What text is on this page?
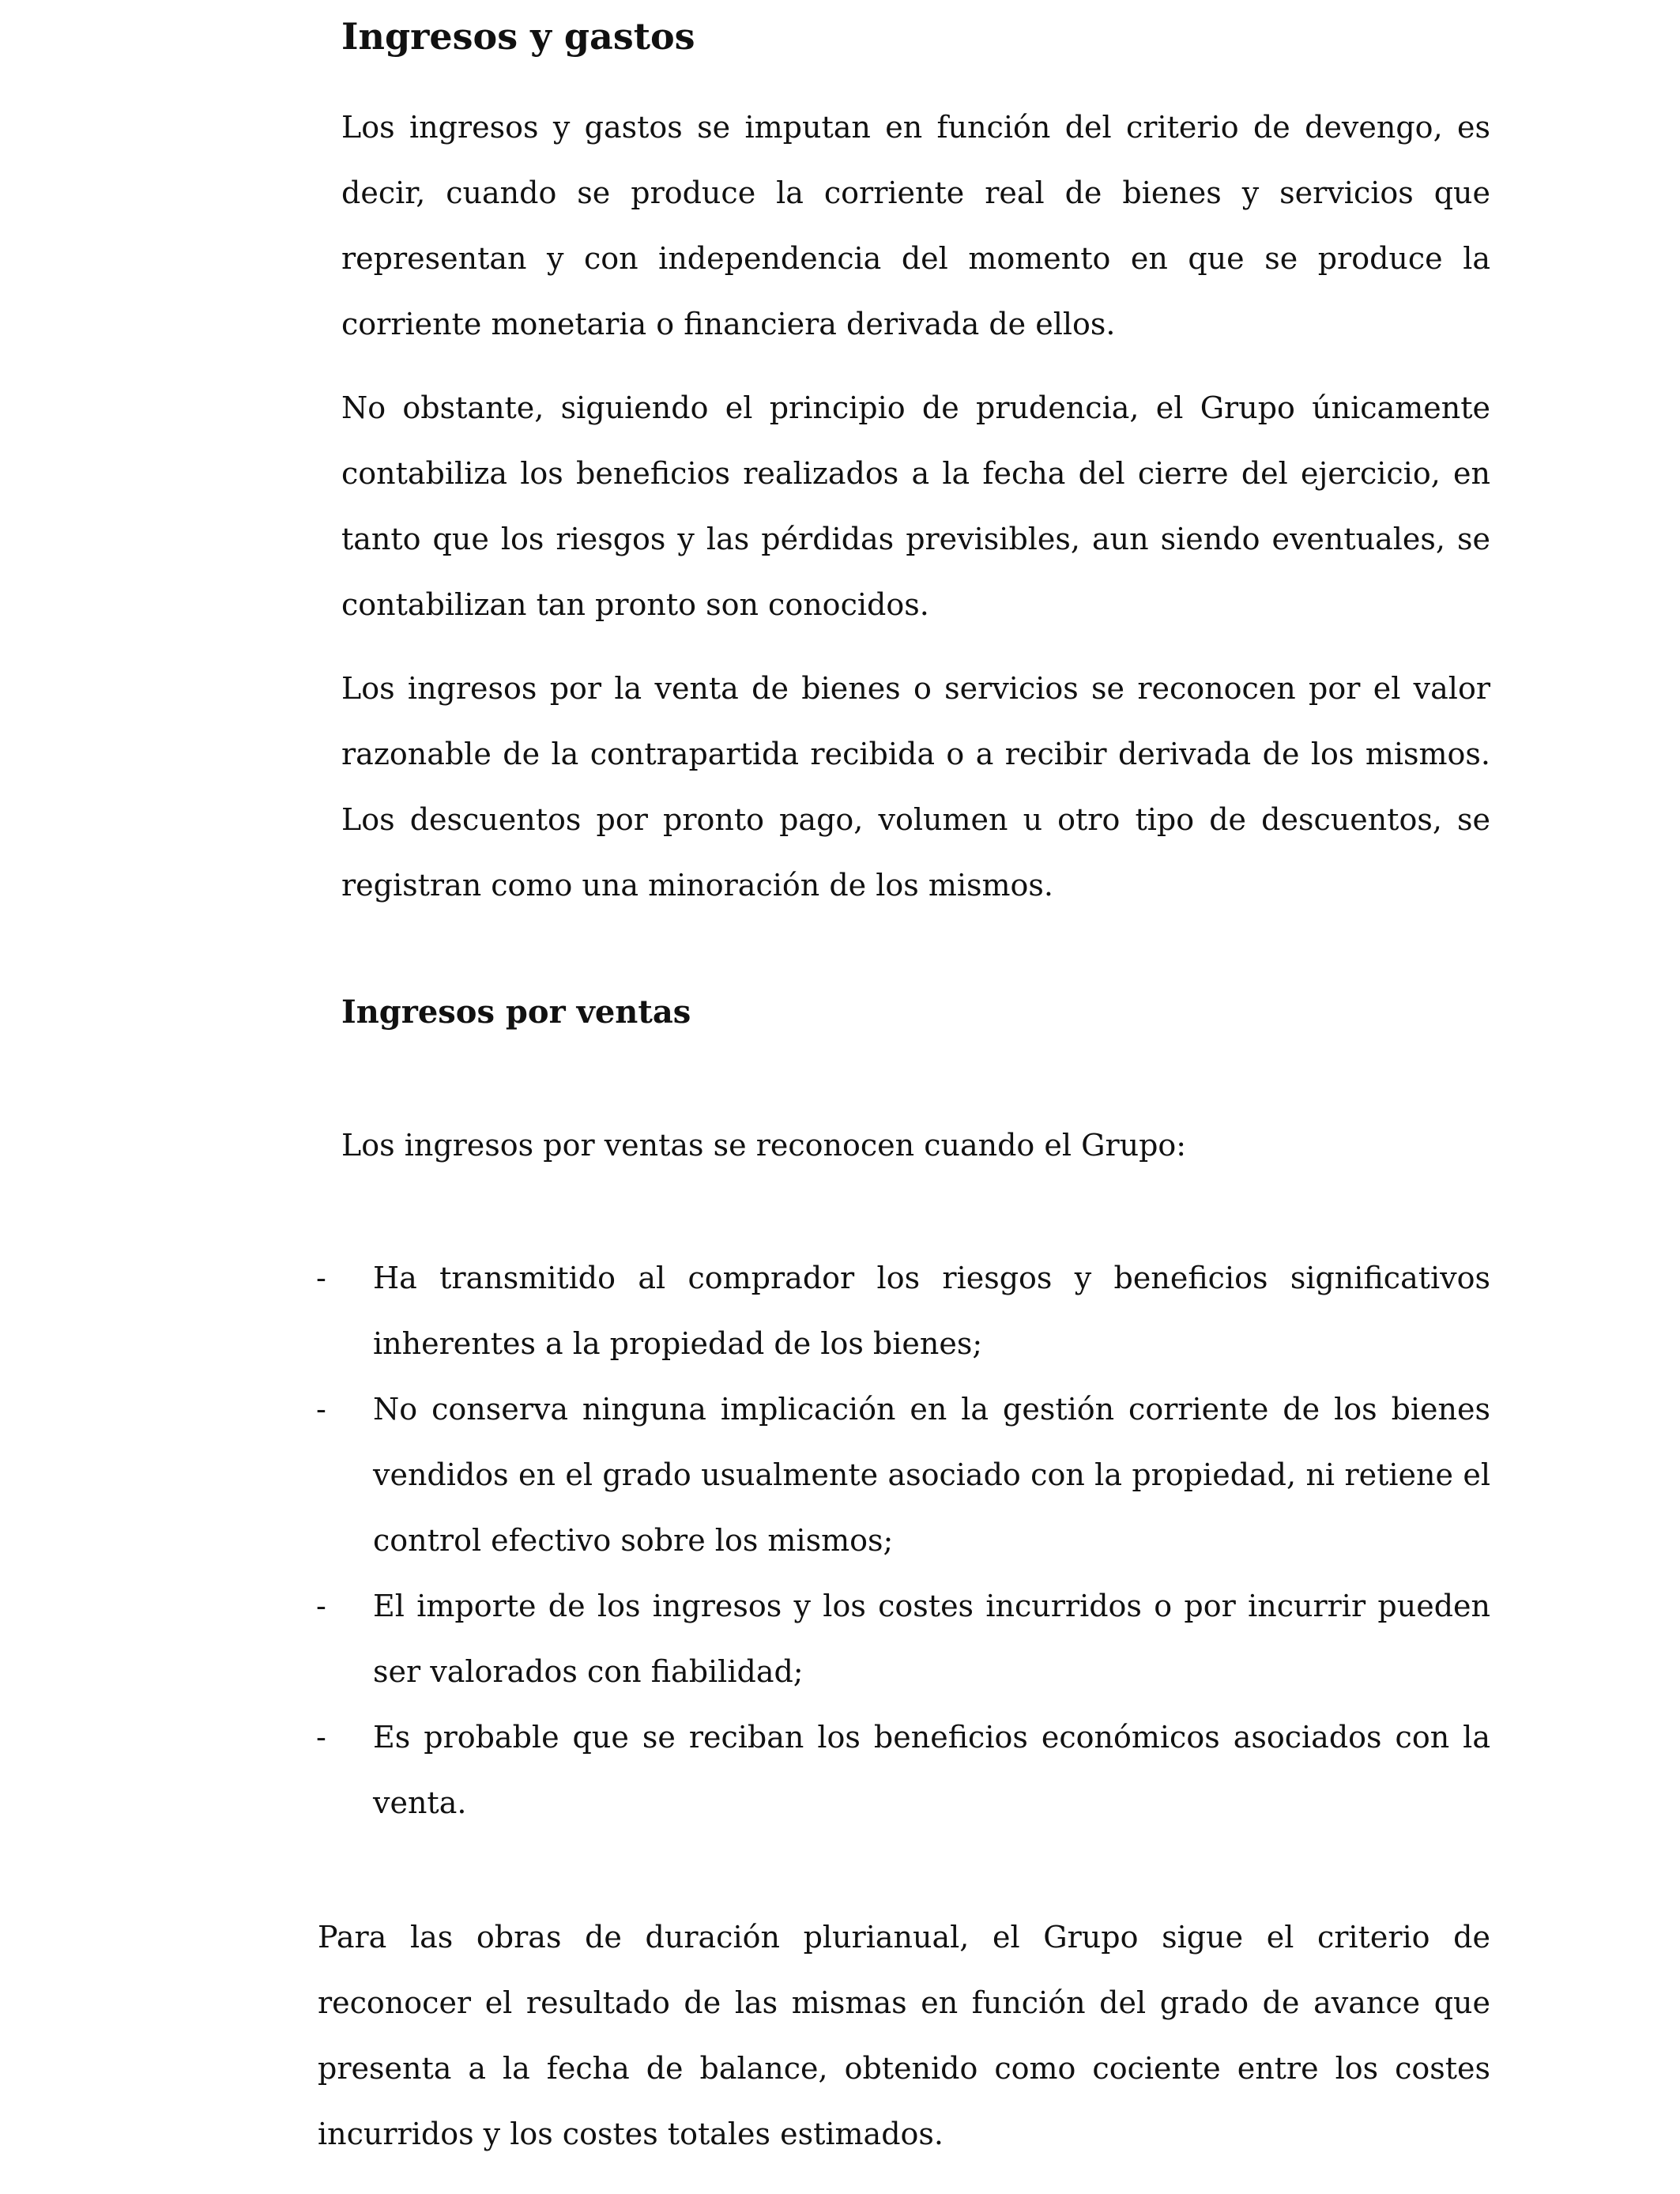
Ingresos y gastos

Los ingresos y gastos se imputan en función del criterio de devengo, es decir, cuando se produce la corriente real de bienes y servicios que representan y con independencia del momento en que se produce la corriente monetaria o financiera derivada de ellos.

No obstante, siguiendo el principio de prudencia, el Grupo únicamente contabiliza los beneficios realizados a la fecha del cierre del ejercicio, en tanto que los riesgos y las pérdidas previsibles, aun siendo eventuales, se contabilizan tan pronto son conocidos.

Los ingresos por la venta de bienes o servicios se reconocen por el valor razonable de la contrapartida recibida o a recibir derivada de los mismos. Los descuentos por pronto pago, volumen u otro tipo de descuentos, se registran como una minoración de los mismos.

Ingresos por ventas

Los ingresos por ventas se reconocen cuando el Grupo:

-	Ha transmitido al comprador los riesgos y beneficios significativos inherentes a la propiedad de los bienes;
-	No conserva ninguna implicación en la gestión corriente de los bienes vendidos en el grado usualmente asociado con la propiedad, ni retiene el control efectivo sobre los mismos;
-	El importe de los ingresos y los costes incurridos o por incurrir pueden ser valorados con fiabilidad;
-	Es probable que se reciban los beneficios económicos asociados con la venta.

Para las obras de duración plurianual, el Grupo sigue el criterio de reconocer el resultado de las mismas en función del grado de avance que presenta a la fecha de balance, obtenido como cociente entre los costes incurridos y los costes totales estimados.
